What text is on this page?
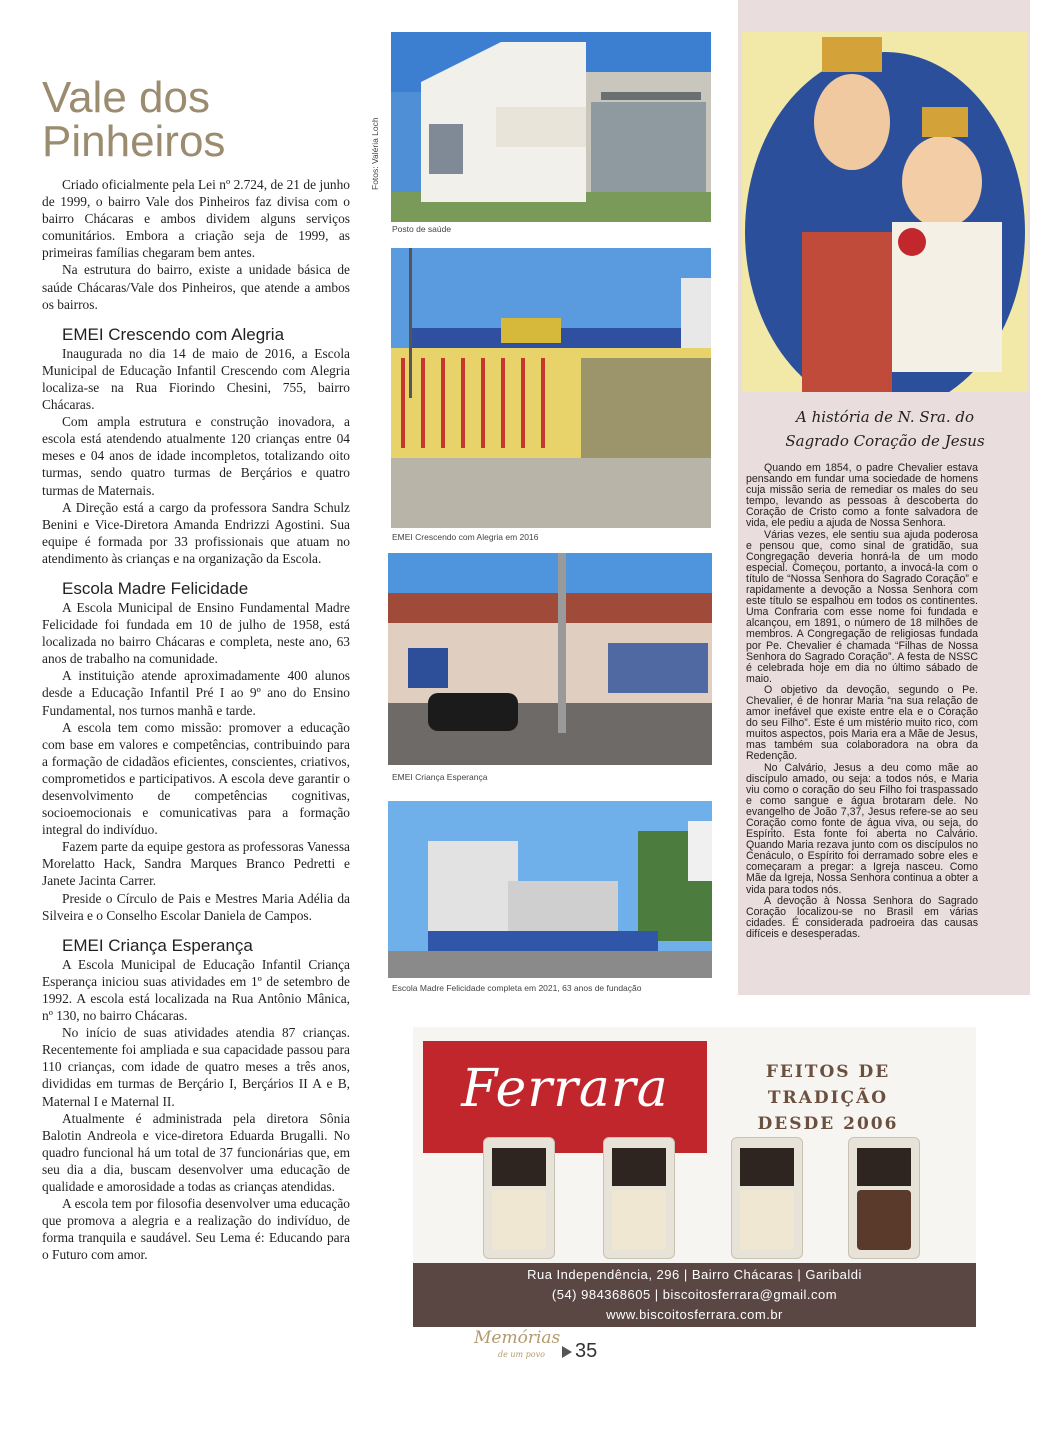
Vale dos
Pinheiros

Criado oficialmente pela Lei nº 2.724, de 21 de junho de 1999, o bairro Vale dos Pinheiros faz divisa com o bairro Chácaras e ambos dividem alguns serviços comunitários. Embora a criação seja de 1999, as primeiras famílias chegaram bem antes.

Na estrutura do bairro, existe a unidade básica de saúde Chácaras/Vale dos Pinheiros, que atende a ambos os bairros.

EMEI Crescendo com Alegria

Inaugurada no dia 14 de maio de 2016, a Escola Municipal de Educação Infantil Crescendo com Alegria localiza-se na Rua Fiorindo Chesini, 755, bairro Chácaras.

Com ampla estrutura e construção inovadora, a escola está atendendo atualmente 120 crianças entre 04 meses e 04 anos de idade incompletos, totalizando oito turmas, sendo quatro turmas de Berçários e quatro turmas de Maternais.

A Direção está a cargo da professora Sandra Schulz Benini e Vice-Diretora Amanda Endrizzi Agostini. Sua equipe é formada por 33 profissionais que atuam no atendimento às crianças e na organização da Escola.

Escola Madre Felicidade

A Escola Municipal de Ensino Fundamental Madre Felicidade foi fundada em 10 de julho de 1958, está localizada no bairro Chácaras e completa, neste ano, 63 anos de trabalho na comunidade.

A instituição atende aproximadamente 400 alunos desde a Educação Infantil Pré I ao 9º ano do Ensino Fundamental, nos turnos manhã e tarde.

A escola tem como missão: promover a educação com base em valores e competências, contribuindo para a formação de cidadãos eficientes, conscientes, criativos, comprometidos e participativos. A escola deve garantir o desenvolvimento de competências cognitivas, socioemocionais e comunicativas para a formação integral do indivíduo.

Fazem parte da equipe gestora as professoras Vanessa Morelatto Hack, Sandra Marques Branco Pedretti e Janete Jacinta Carrer.

Preside o Círculo de Pais e Mestres Maria Adélia da Silveira e o Conselho Escolar Daniela de Campos.

EMEI Criança Esperança

A Escola Municipal de Educação Infantil Criança Esperança iniciou suas atividades em 1º de setembro de 1992. A escola está localizada na Rua Antônio Mânica, nº 130, no bairro Chácaras.

No início de suas atividades atendia 87 crianças. Recentemente foi ampliada e sua capacidade passou para 110 crianças, com idade de quatro meses a três anos, divididas em turmas de Berçário I, Berçários II A e B, Maternal I e Maternal II.

Atualmente é administrada pela diretora Sônia Balotin Andreola e vice-diretora Eduarda Brugalli. No quadro funcional há um total de 37 funcionárias que, em seu dia a dia, buscam desenvolver uma educação de qualidade e amorosidade a todas as crianças atendidas.

A escola tem por filosofia desenvolver uma educação que promova a alegria e a realização do indivíduo, de forma tranquila e saudável. Seu Lema é: Educando para o Futuro com amor.

Fotos: Valéria Loch
Posto de saúde
EMEI Crescendo com Alegria em 2016
EMEI Criança Esperança
Escola Madre Felicidade completa em 2021, 63 anos de fundação
A história de N. Sra. do
Sagrado Coração de Jesus

Quando em 1854, o padre Chevalier estava pensando em fundar uma sociedade de homens cuja missão seria de remediar os males do seu tempo, levando as pessoas à descoberta do Coração de Cristo como a fonte salvadora de vida, ele pediu a ajuda de Nossa Senhora.

Várias vezes, ele sentiu sua ajuda poderosa e pensou que, como sinal de gratidão, sua Congregação deveria honrá-la de um modo especial. Começou, portanto, a invocá-la com o título de “Nossa Senhora do Sagrado Coração” e rapidamente a devoção a Nossa Senhora com este título se espalhou em todos os continentes. Uma Confraria com esse nome foi fundada e alcançou, em 1891, o número de 18 milhões de membros. A Congregação de religiosas fundada por Pe. Chevalier é chamada “Filhas de Nossa Senhora do Sagrado Coração”. A festa de NSSC é celebrada hoje em dia no último sábado de maio.

O objetivo da devoção, segundo o Pe. Chevalier, é de honrar Maria “na sua relação de amor inefável que existe entre ela e o Coração do seu Filho”. Este é um mistério muito rico, com muitos aspectos, pois Maria era a Mãe de Jesus, mas também sua colaboradora na obra da Redenção.

No Calvário, Jesus a deu como mãe ao discípulo amado, ou seja: a todos nós, e Maria viu como o coração do seu Filho foi traspassado e como sangue e água brotaram dele. No evangelho de João 7,37, Jesus refere-se ao seu Coração como fonte de água viva, ou seja, do Espírito. Esta fonte foi aberta no Calvário. Quando Maria rezava junto com os discípulos no Cenáculo, o Espírito foi derramado sobre eles e começaram a pregar: a Igreja nasceu. Como Mãe da Igreja, Nossa Senhora continua a obter a vida para todos nós.

A devoção à Nossa Senhora do Sagrado Coração localizou-se no Brasil em várias cidades. É considerada padroeira das causas difíceis e desesperadas.

Ferrara	FEITOS DE TRADIÇÃO
DESDE 2006
Rua Independência, 296 | Bairro Chácaras | Garibaldi
(54) 984368605 | biscoitosferrara@gmail.com
www.biscoitosferrara.com.br
Memórias
de um povo 35
